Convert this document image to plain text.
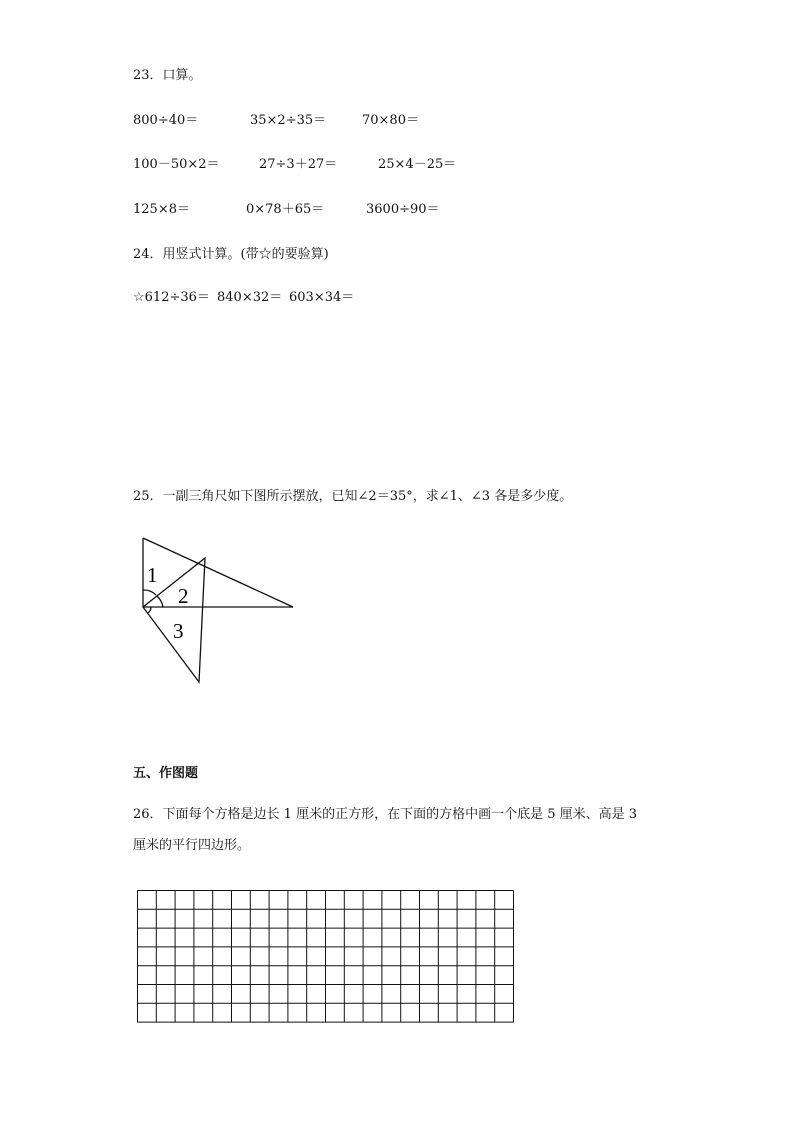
23．口算。
800÷40＝	35×2÷35＝	70×80＝
100－50×2＝	27÷3＋27＝	25×4－25＝
125×8＝	0×78＋65＝	3600÷90＝
24．用竖式计算。(带☆的要验算)
☆612÷36＝ 840×32＝ 603×34＝
25．一副三角尺如下图所示摆放，已知∠2＝35°，求∠1、∠3 各是多少度。
1
2
3
五、作图题
26．下面每个方格是边长 1 厘米的正方形，在下面的方格中画一个底是 5 厘米、高是 3
厘米的平行四边形。
